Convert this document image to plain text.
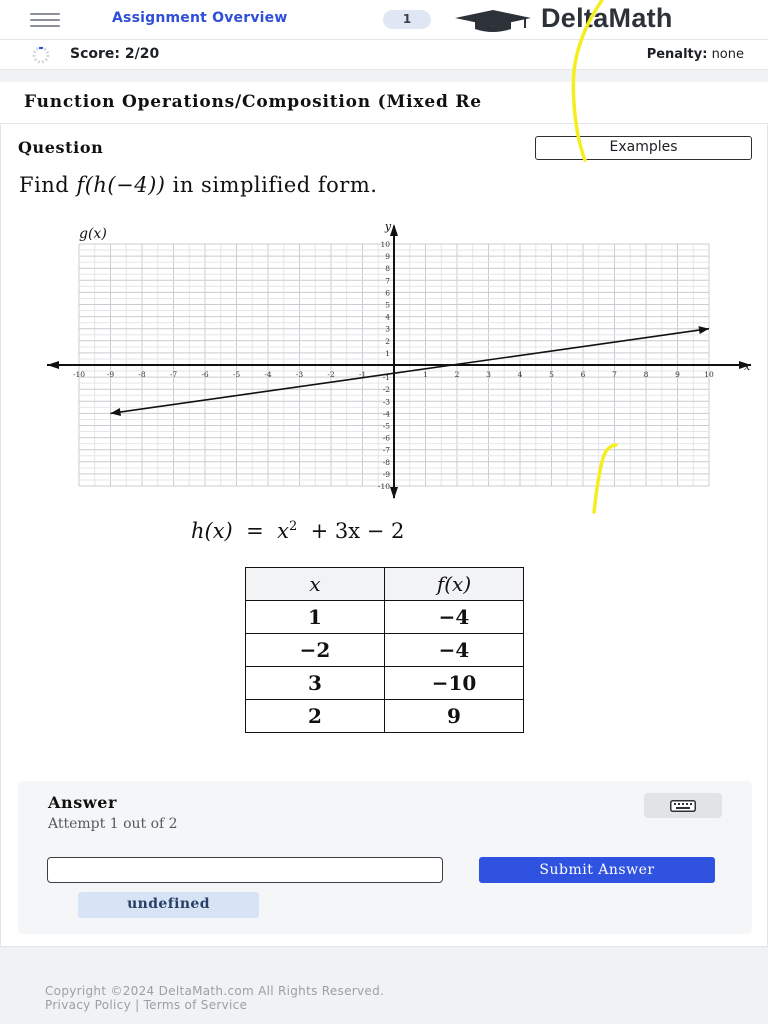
Assignment Overview	1	DeltaMath
Score: 2/20	Penalty: none
Function Operations/Composition (Mixed Re
Question	Examples
Find f(h(−4)) in simplified form.
-10	-9	-8	-7	-6	-5	-4	-3	-2	-1	1	2	3	4	5	6	7	8	9	10
-10
-9
-8
-7
-6
-5
-4
-3
-2
-1
1
2
3
4
5
6
7
8
9
10
x
y
g(x)
$h(x) = x^2 + 3x - 2$
x	f(x)
1	−4
−2	−4
3	−10
2	9
Answer
Attempt 1 out of 2
Submit Answer
undefined
Copyright ©2024 DeltaMath.com All Rights Reserved.
Privacy Policy | Terms of Service
